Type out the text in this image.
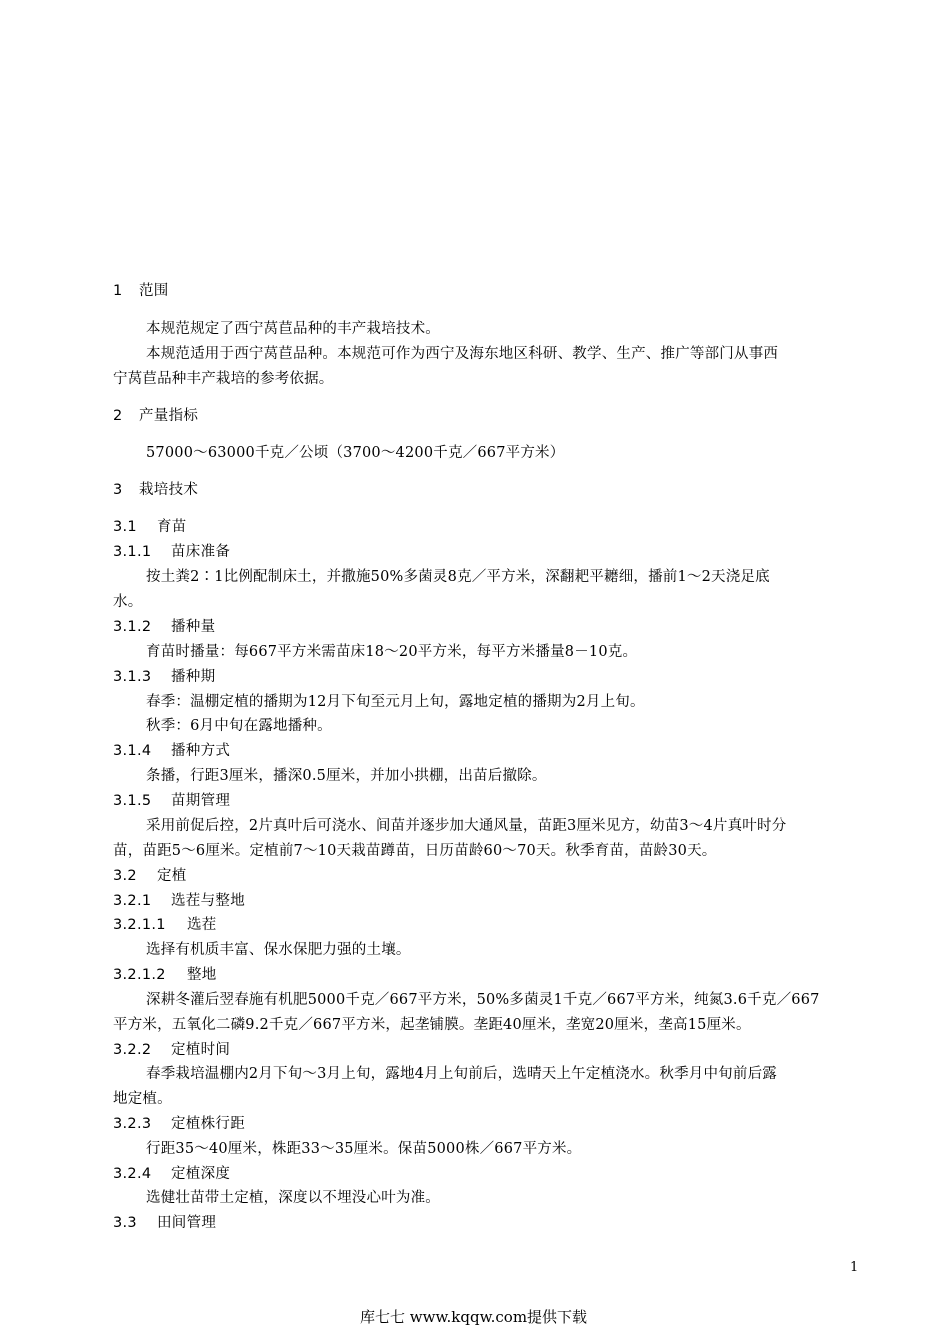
1 范围
本规范规定了西宁莴苣品种的丰产栽培技术。
本规范适用于西宁莴苣品种。本规范可作为西宁及海东地区科研、教学、生产、推广等部门从事西
宁莴苣品种丰产栽培的参考依据。
2 产量指标
57000～63000千克／公顷（3700～4200千克／667平方米）
3 栽培技术
3.1 育苗
3.1.1 苗床准备
按土粪2∶1比例配制床土，并撒施50%多菌灵8克／平方米，深翻耙平耱细，播前1～2天浇足底
水。
3.1.2 播种量
育苗时播量：每667平方米需苗床18～20平方米，每平方米播量8－10克。
3.1.3 播种期
春季：温棚定植的播期为12月下旬至元月上旬，露地定植的播期为2月上旬。
秋季：6月中旬在露地播种。
3.1.4 播种方式
条播，行距3厘米，播深0.5厘米，并加小拱棚，出苗后撤除。
3.1.5 苗期管理
采用前促后控，2片真叶后可浇水、间苗并逐步加大通风量，苗距3厘米见方，幼苗3～4片真叶时分
苗，苗距5～6厘米。定植前7～10天栽苗蹲苗，日历苗龄60～70天。秋季育苗，苗龄30天。
3.2 定植
3.2.1 选茬与整地
3.2.1.1 选茬
选择有机质丰富、保水保肥力强的土壤。
3.2.1.2 整地
深耕冬灌后翌春施有机肥5000千克／667平方米，50%多菌灵1千克／667平方米，纯氮3.6千克／667
平方米，五氧化二磷9.2千克／667平方米，起垄铺膜。垄距40厘米，垄宽20厘米，垄高15厘米。
3.2.2 定植时间
春季栽培温棚内2月下旬～3月上旬，露地4月上旬前后，选晴天上午定植浇水。秋季月中旬前后露
地定植。
3.2.3 定植株行距
行距35～40厘米，株距33～35厘米。保苗5000株／667平方米。
3.2.4 定植深度
选健壮苗带土定植，深度以不埋没心叶为准。
3.3 田间管理
1
库七七 www.kqqw.com提供下载
